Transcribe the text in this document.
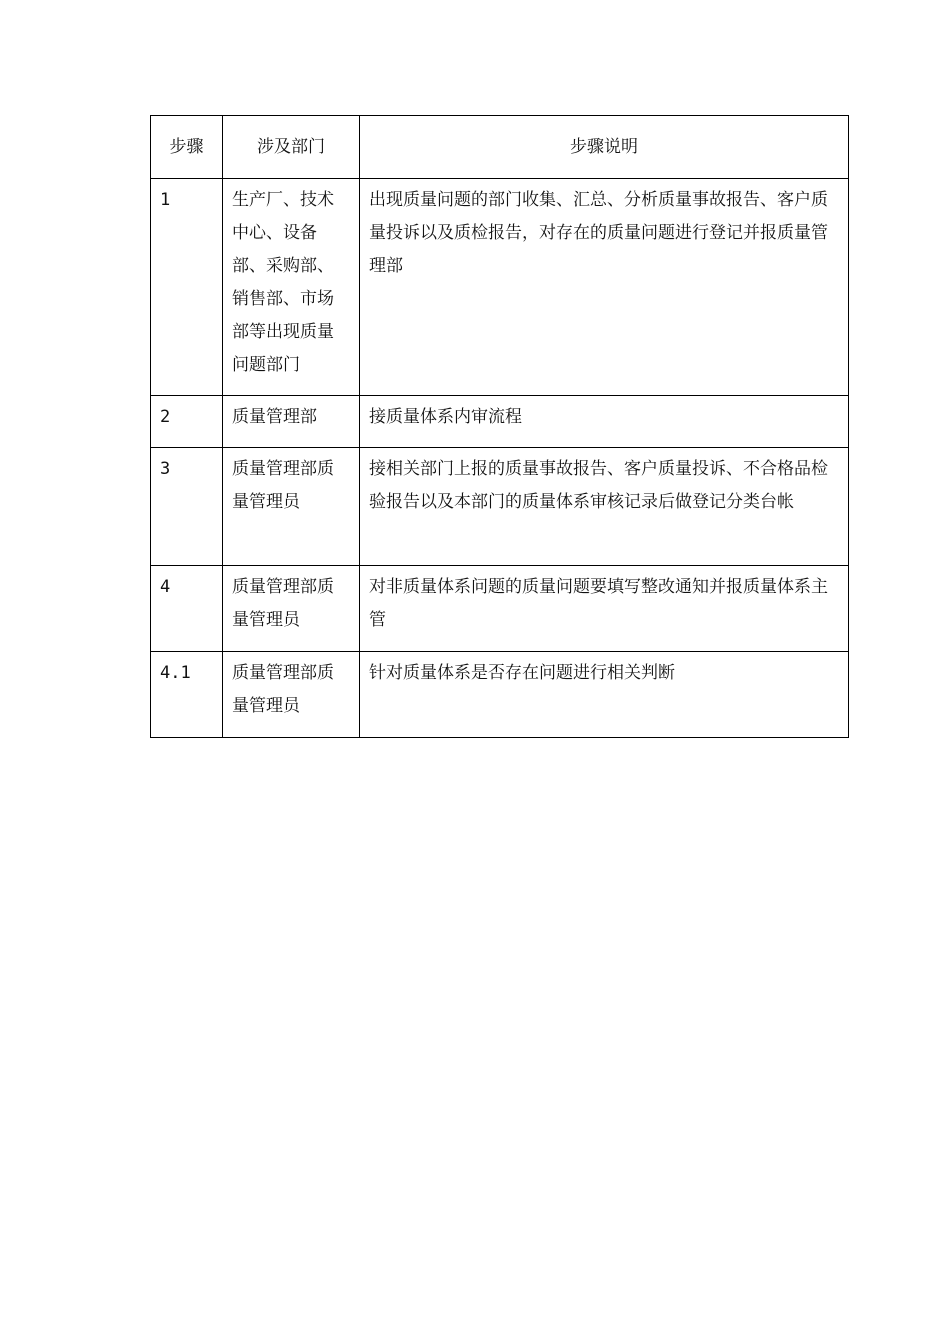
步骤	涉及部门	步骤说明
1	生产厂、技术中心、设备部、采购部、销售部、市场部等出现质量问题部门	出现质量问题的部门收集、汇总、分析质量事故报告、客户质量投诉以及质检报告，对存在的质量问题进行登记并报质量管理部
2	质量管理部	接质量体系内审流程
3	质量管理部质量管理员	接相关部门上报的质量事故报告、客户质量投诉、不合格品检验报告以及本部门的质量体系审核记录后做登记分类台帐
4	质量管理部质量管理员	对非质量体系问题的质量问题要填写整改通知并报质量体系主管
4.1	质量管理部质量管理员	针对质量体系是否存在问题进行相关判断
